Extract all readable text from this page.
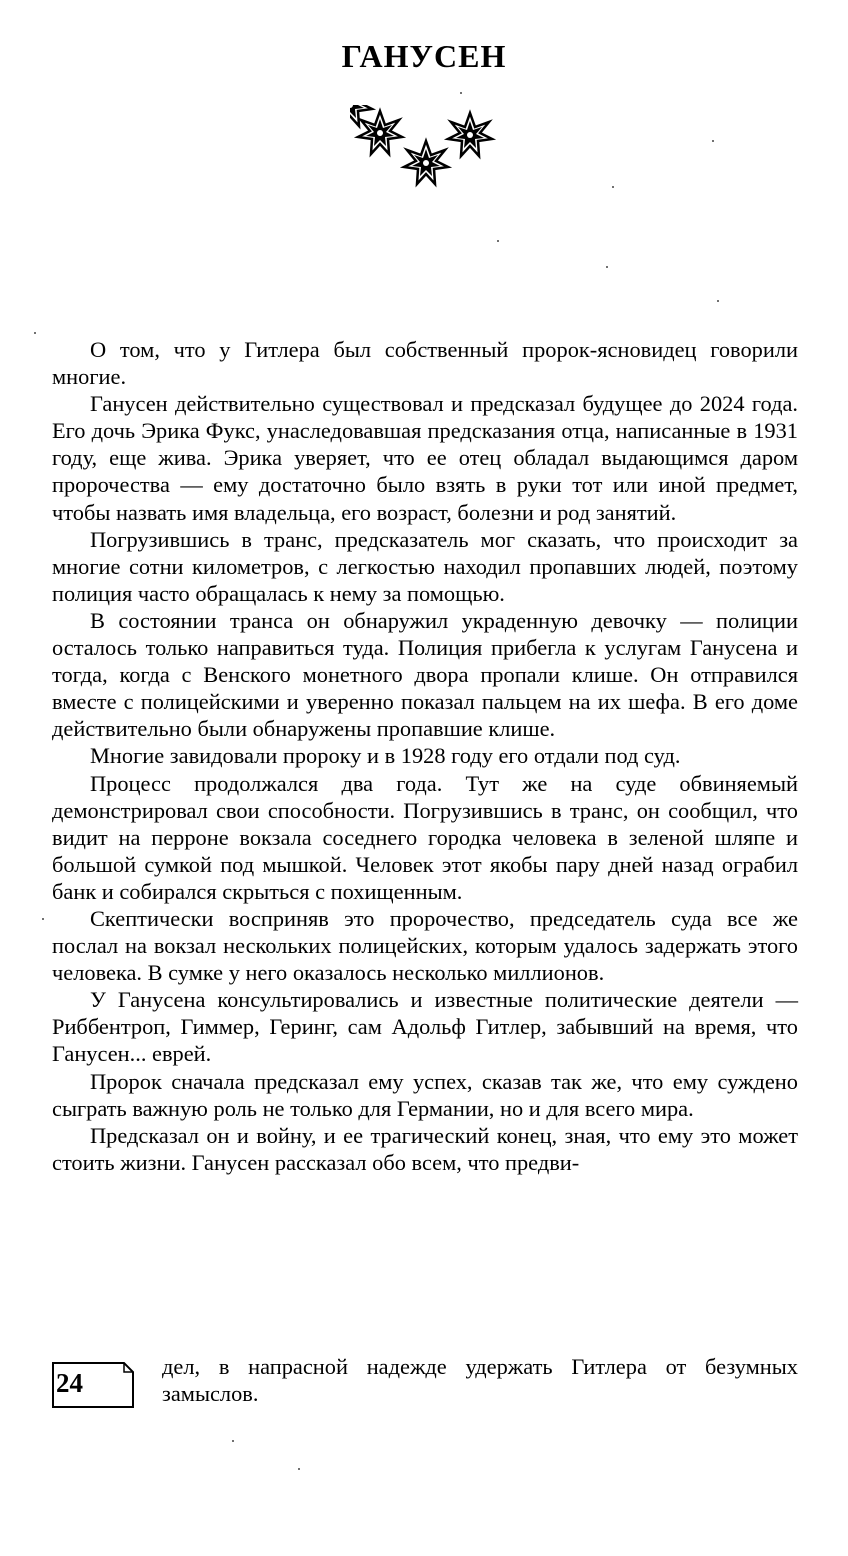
ГАНУСЕН

О том, что у Гитлера был собственный пророк-ясновидец говорили многие.

Ганусен действительно существовал и предсказал будущее до 2024 года. Его дочь Эрика Фукс, унаследовавшая предсказания отца, написанные в 1931 году, еще жива. Эрика уверяет, что ее отец обладал выдающимся даром пророчества — ему достаточно было взять в руки тот или иной предмет, чтобы назвать имя владельца, его возраст, болезни и род занятий.

Погрузившись в транс, предсказатель мог сказать, что происходит за многие сотни километров, с легкостью находил пропавших людей, поэтому полиция часто обращалась к нему за помощью.

В состоянии транса он обнаружил украденную девочку — полиции осталось только направиться туда. Полиция прибегла к услугам Ганусена и тогда, когда с Венского монетного двора пропали клише. Он отправился вместе с полицейскими и уверенно показал пальцем на их шефа. В его доме действительно были обнаружены пропавшие клише.

Многие завидовали пророку и в 1928 году его отдали под суд.

Процесс продолжался два года. Тут же на суде обвиняемый демонстрировал свои способности. Погрузившись в транс, он сообщил, что видит на перроне вокзала соседнего городка человека в зеленой шляпе и большой сумкой под мышкой. Человек этот якобы пару дней назад ограбил банк и собирался скрыться с похищенным.

Скептически восприняв это пророчество, председатель суда все же послал на вокзал нескольких полицейских, которым удалось задержать этого человека. В сумке у него оказалось несколько миллионов.

У Ганусена консультировались и известные политические деятели — Риббентроп, Гиммер, Геринг, сам Адольф Гитлер, забывший на время, что Ганусен... еврей.

Пророк сначала предсказал ему успех, сказав так же, что ему суждено сыграть важную роль не только для Германии, но и для всего мира.

Предсказал он и войну, и ее трагический конец, зная, что ему это может стоить жизни. Ганусен рассказал обо всем, что предви-

24

дел, в напрасной надежде удержать Гитлера от безумных замыслов.
